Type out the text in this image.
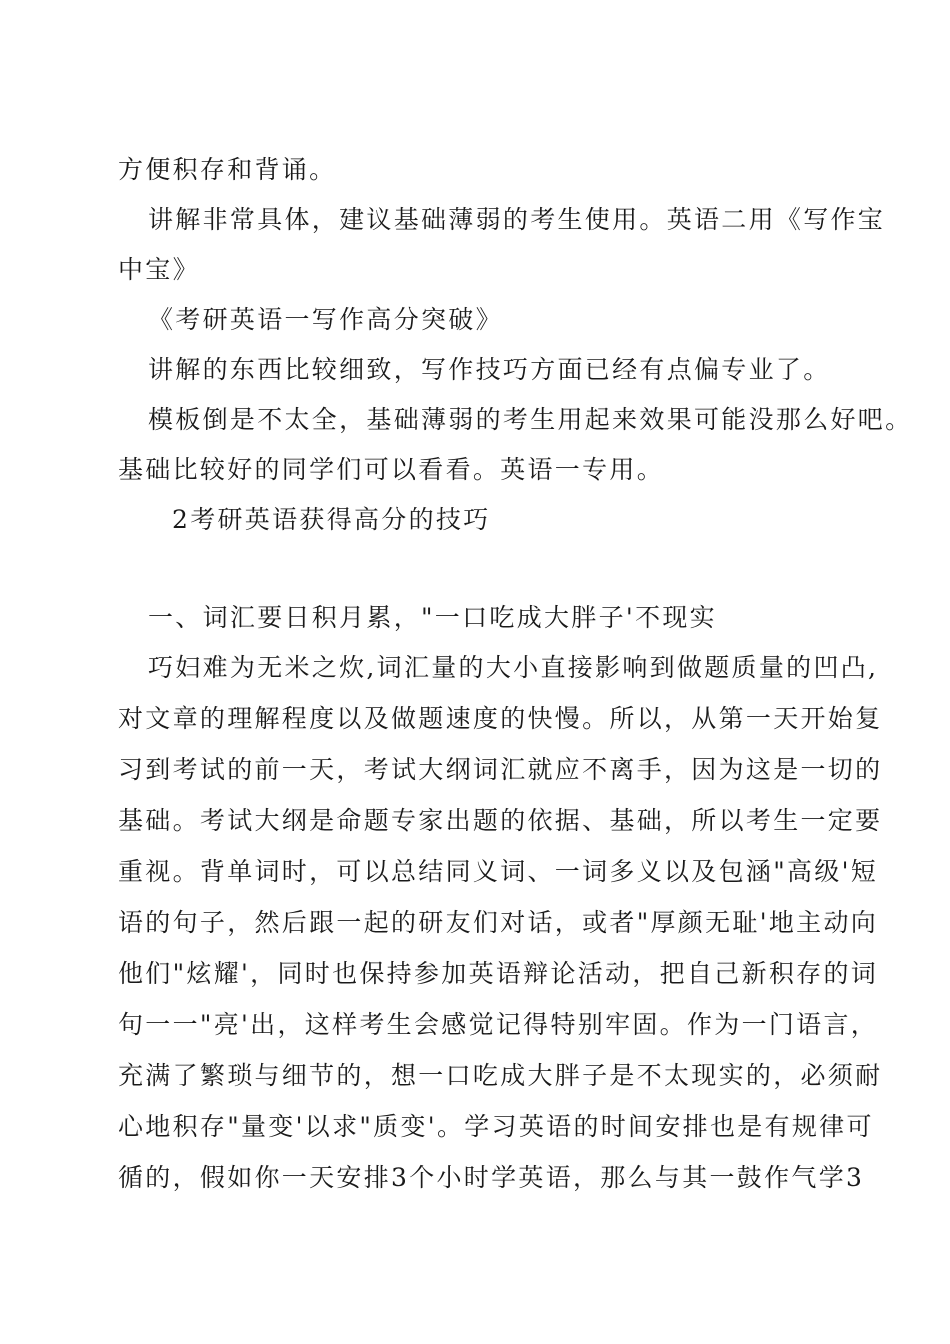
方便积存和背诵。
讲解非常具体，建议基础薄弱的考生使用。英语二用《写作宝
中宝》
《考研英语一写作高分突破》
讲解的东西比较细致，写作技巧方面已经有点偏专业了。
模板倒是不太全，基础薄弱的考生用起来效果可能没那么好吧。
基础比较好的同学们可以看看。英语一专用。
2考研英语获得高分的技巧
一、词汇要日积月累，"一口吃成大胖子'不现实
巧妇难为无米之炊,词汇量的大小直接影响到做题质量的凹凸,
对文章的理解程度以及做题速度的快慢。所以，从第一天开始复
习到考试的前一天，考试大纲词汇就应不离手，因为这是一切的
基础。考试大纲是命题专家出题的依据、基础，所以考生一定要
重视。背单词时，可以总结同义词、一词多义以及包涵"高级'短
语的句子，然后跟一起的研友们对话，或者"厚颜无耻'地主动向
他们"炫耀'，同时也保持参加英语辩论活动，把自己新积存的词
句一一"亮'出，这样考生会感觉记得特别牢固。作为一门语言，
充满了繁琐与细节的，想一口吃成大胖子是不太现实的，必须耐
心地积存"量变'以求"质变'。学习英语的时间安排也是有规律可
循的，假如你一天安排3个小时学英语，那么与其一鼓作气学3
